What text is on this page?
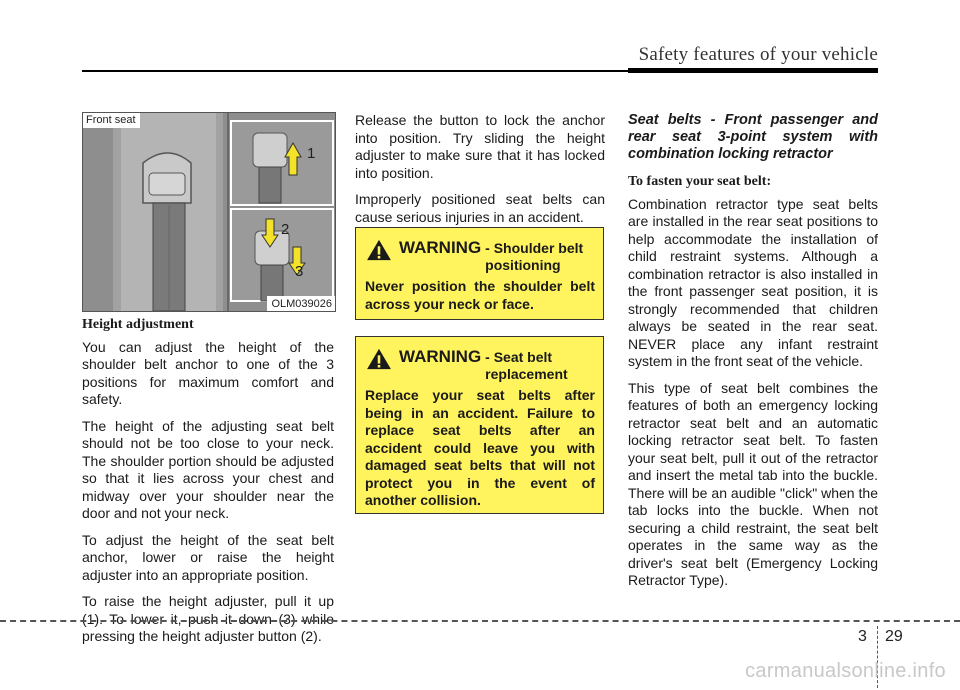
Safety features of your vehicle
1
2
3
Front seat
OLM039026
Height adjustment

You can adjust the height of the shoulder belt anchor to one of the 3 positions for maximum comfort and safety.

The height of the adjusting seat belt should not be too close to your neck. The shoulder portion should be adjusted so that it lies across your chest and midway over your shoulder near the door and not your neck.

To adjust the height of the seat belt anchor, lower or raise the height adjuster into an appropriate position.

To raise the height adjuster, pull it up (1). To lower it, push it down (3) while pressing the height adjuster button (2).

Release the button to lock the anchor into position. Try sliding the height adjuster to make sure that it has locked into position.

Improperly positioned seat belts can cause serious injuries in an accident.

WARNING - Shoulder belt positioning
Never position the shoulder belt across your neck or face.
WARNING - Seat belt replacement
Replace your seat belts after being in an accident. Failure to replace seat belts after an accident could leave you with damaged seat belts that will not protect you in the event of another collision.
Seat belts - Front passenger and rear seat 3-point system with combination locking retractor
To fasten your seat belt:

Combination retractor type seat belts are installed in the rear seat positions to help accommodate the installation of child restraint systems. Although a combination retractor is also installed in the front passenger seat position, it is strongly recommended that children always be seated in the rear seat. NEVER place any infant restraint system in the front seat of the vehicle.

This type of seat belt combines the features of both an emergency locking retractor seat belt and an automatic locking retractor seat belt. To fasten your seat belt, pull it out of the retractor and insert the metal tab into the buckle. There will be an audible "click" when the tab locks into the buckle. When not securing a child restraint, the seat belt operates in the same way as the driver's seat belt (Emergency Locking Retractor Type).

3 29
carmanualsonline.info
